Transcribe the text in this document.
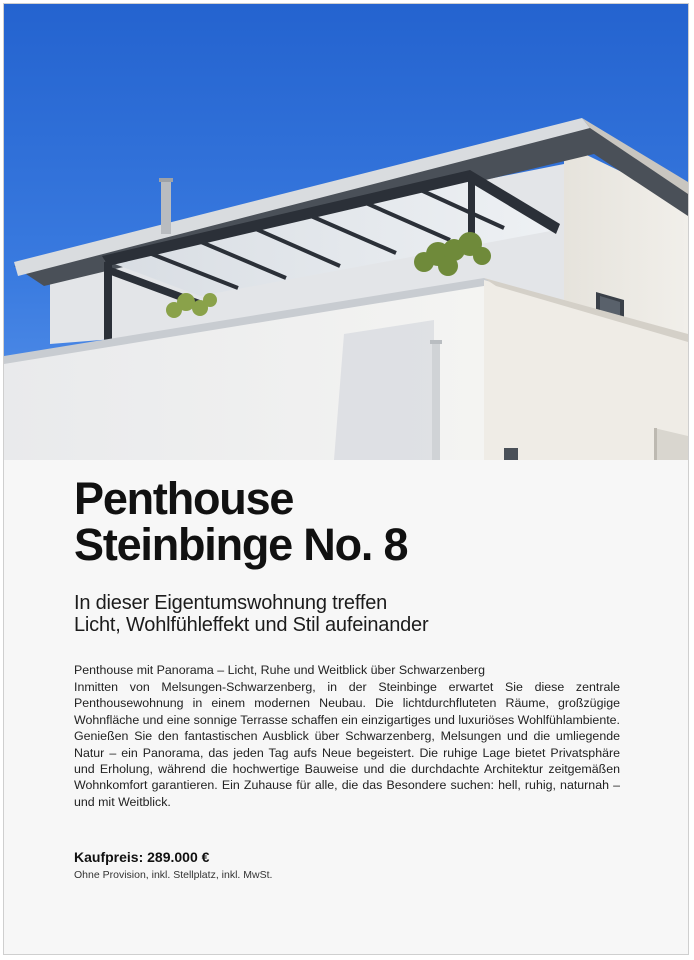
Penthouse
Steinbinge No. 8
In dieser Eigentumswohnung treffen
Licht, Wohlfühleffekt und Stil aufeinander

Penthouse mit Panorama – Licht, Ruhe und Weitblick über Schwarzenberg

Inmitten von Melsungen-Schwarzenberg, in der Steinbinge erwartet Sie diese zentrale Penthousewohnung in einem modernen Neubau. Die lichtdurchfluteten Räume, großzügige Wohnfläche und eine sonnige Terrasse schaffen ein einzigartiges und luxuriöses Wohlfühlambiente. Genießen Sie den fantastischen Ausblick über Schwarzenberg, Melsungen und die umliegende Natur – ein Panorama, das jeden Tag aufs Neue begeistert. Die ruhige Lage bietet Privatsphäre und Erholung, während die hochwertige Bauweise und die durchdachte Architektur zeitgemäßen Wohnkomfort garantieren. Ein Zuhause für alle, die das Besondere suchen: hell, ruhig, naturnah – und mit Weitblick.

Kaufpreis: 289.000 €

Ohne Provision, inkl. Stellplatz, inkl. MwSt.
